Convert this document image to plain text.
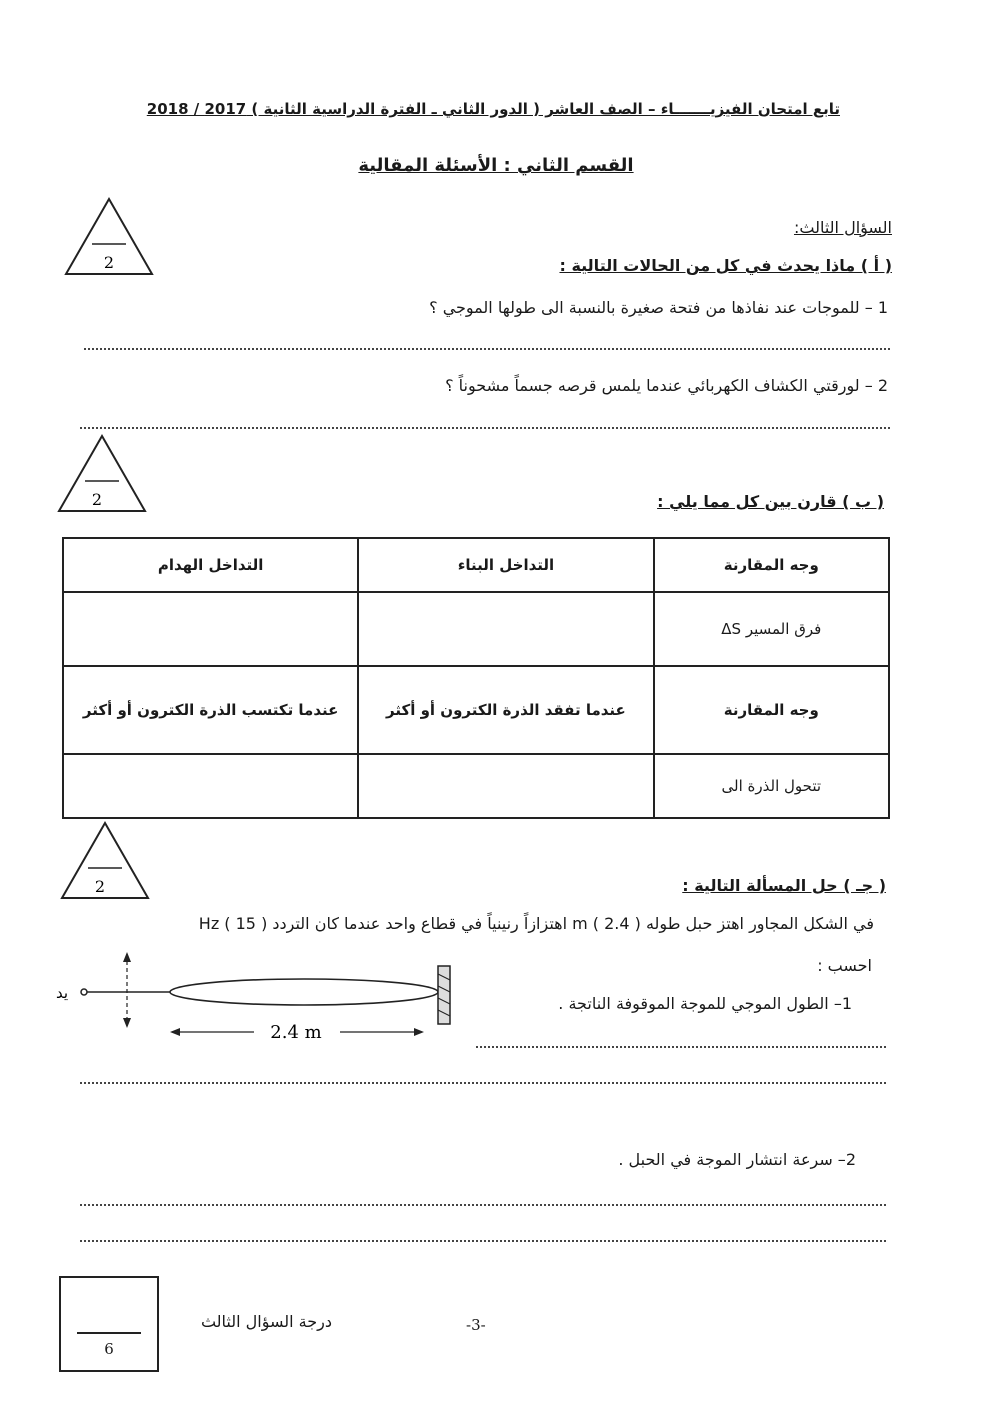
تابع امتحان الفيزيـــــــاء – الصف العاشر ( الدور الثاني ـ الفترة الدراسية الثانية ) 2017 / 2018
القسم الثاني : الأسئلة المقالية
السؤال الثالث:
2	( أ ) ماذا يحدث في كل من الحالات التالية :
1 – للموجات عند نفاذها من فتحة صغيرة بالنسبة الى طولها الموجي ؟
2 – لورقتي الكشاف الكهربائي عندما يلمس قرصه جسماً مشحوناً ؟
2	( ب ) قارن بين كل مما يلي :
وجه المقارنة	التداخل البناء	التداخل الهدام
فرق المسير ΔS		
وجه المقارنة	عندما تفقد الذرة الكترون أو أكثر	عندما تكتسب الذرة الكترون أو أكثر
تتحول الذرة الى		
2	( جـ ) حل المسألة التالية :
في الشكل المجاور اهتز حبل طوله m ( 2.4 ) اهتزازاً رنينياً في قطاع واحد عندما كان التردد Hz ( 15 )
احسب :
1– الطول الموجي للموجة الموقوفة الناتجة .
يد
2.4 m
2– سرعة انتشار الموجة في الحبل .
6
درجة السؤال الثالث	-3-
